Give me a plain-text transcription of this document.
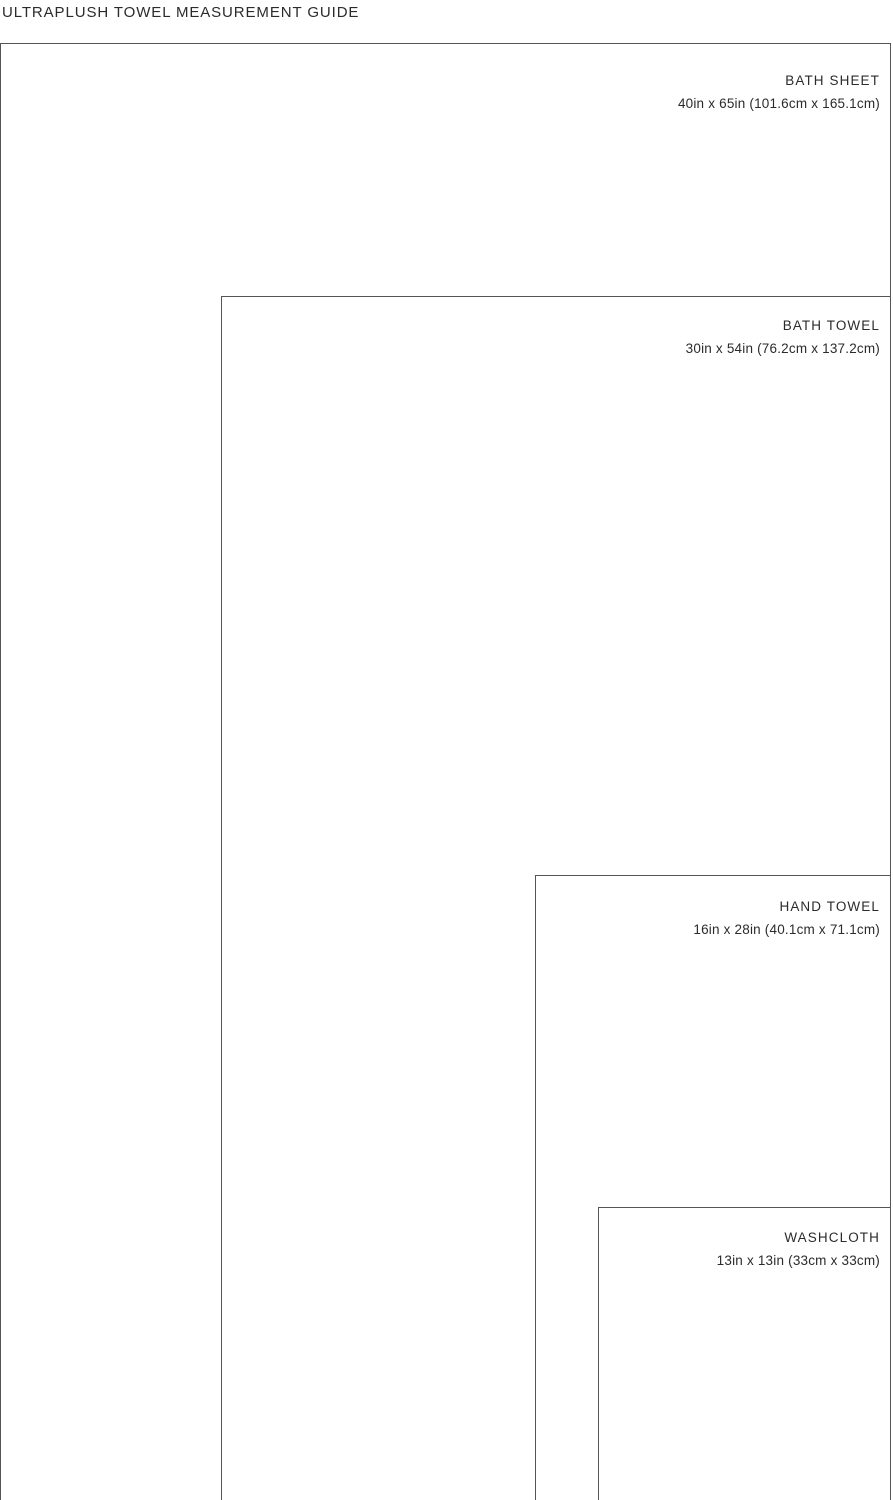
ULTRAPLUSH TOWEL MEASUREMENT GUIDE
BATH SHEET
40in x 65in (101.6cm x 165.1cm)
BATH TOWEL
30in x 54in (76.2cm x 137.2cm)
HAND TOWEL
16in x 28in (40.1cm x 71.1cm)
WASHCLOTH
13in x 13in (33cm x 33cm)
